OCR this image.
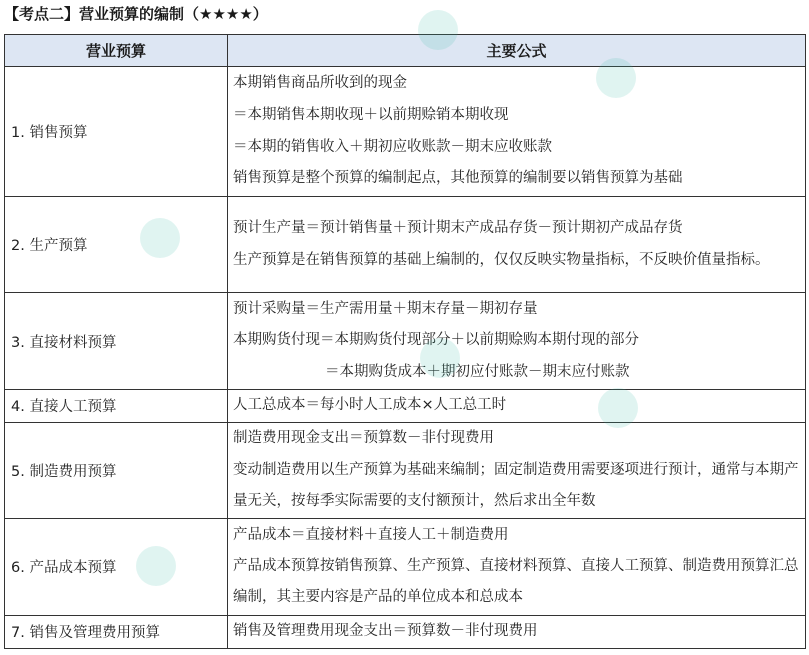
【考点二】营业预算的编制（★★★★）
营业预算	主要公式
1. 销售预算	本期销售商品所收到的现金
＝本期销售本期收现＋以前期赊销本期收现
＝本期的销售收入＋期初应收账款－期末应收账款
销售预算是整个预算的编制起点，其他预算的编制要以销售预算为基础

2. 生产预算	预计生产量＝预计销售量＋预计期末产成品存货－预计期初产成品存货
生产预算是在销售预算的基础上编制的，仅仅反映实物量指标，不反映价值量指标。

3. 直接材料预算	预计采购量＝生产需用量＋期末存量－期初存量
本期购货付现＝本期购货付现部分＋以前期赊购本期付现的部分
＝本期购货成本＋期初应付账款－期末应付账款

4. 直接人工预算	人工总成本＝每小时人工成本×人工总工时

5. 制造费用预算	制造费用现金支出＝预算数－非付现费用
变动制造费用以生产预算为基础来编制；固定制造费用需要逐项进行预计，通常与本期产量无关，按每季实际需要的支付额预计，然后求出全年数

6. 产品成本预算	产品成本＝直接材料＋直接人工＋制造费用
产品成本预算按销售预算、生产预算、直接材料预算、直接人工预算、制造费用预算汇总编制，其主要内容是产品的单位成本和总成本

7. 销售及管理费用预算	销售及管理费用现金支出＝预算数－非付现费用
